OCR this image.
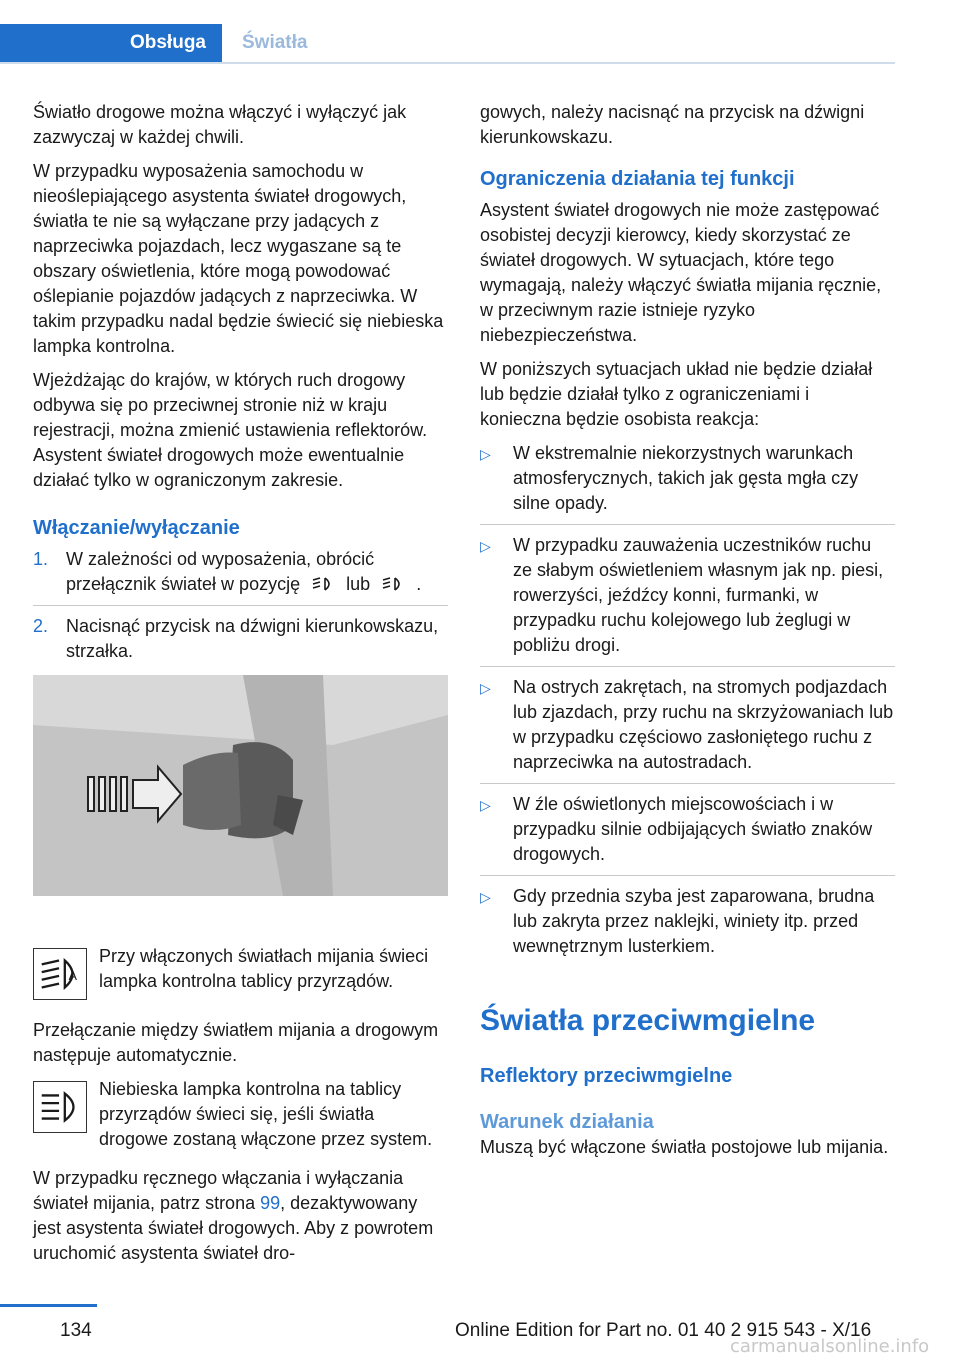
Obsługa	Światła

Światło drogowe można włączyć i wyłączyć jak zazwyczaj w każdej chwili.

W przypadku wyposażenia samochodu w nieoślepiającego asystenta świateł drogowych, światła te nie są wyłączane przy jadących z naprzeciwka pojazdach, lecz wygaszane są te obszary oświetlenia, które mogą powodować oślepianie pojazdów jadących z naprzeciwka. W takim przypadku nadal będzie świecić się niebieska lampka kontrolna.

Wjeżdżając do krajów, w których ruch drogowy odbywa się po przeciwnej stronie niż w kraju rejestracji, można zmienić ustawienia reflektorów. Asystent świateł drogowych może ewentualnie działać tylko w ograniczonym zakresie.

Włączanie/wyłączanie
1. W zależności od wyposażenia, obrócić przełącznik świateł w pozycję	lub	.
2. Nacisnąć przycisk na dźwigni kierunkowskazu, strzałka.
A
Przy włączonych światłach mijania świeci lampka kontrolna tablicy przyrządów.

Przełączanie między światłem mijania a drogowym następuje automatycznie.

Niebieska lampka kontrolna na tablicy przyrządów świeci się, jeśli światła drogowe zostaną włączone przez system.

W przypadku ręcznego włączania i wyłączania świateł mijania, patrz strona 99, dezaktywowany jest asystenta świateł drogowych. Aby z powrotem uruchomić asystenta świateł dro-

gowych, należy nacisnąć na przycisk na dźwigni kierunkowskazu.

Ograniczenia działania tej funkcji

Asystent świateł drogowych nie może zastępować osobistej decyzji kierowcy, kiedy skorzystać ze świateł drogowych. W sytuacjach, które tego wymagają, należy włączyć światła mijania ręcznie, w przeciwnym razie istnieje ryzyko niebezpieczeństwa.

W poniższych sytuacjach układ nie będzie działał lub będzie działał tylko z ograniczeniami i konieczna będzie osobista reakcja:

▷ W ekstremalnie niekorzystnych warunkach atmosferycznych, takich jak gęsta mgła czy silne opady.
▷ W przypadku zauważenia uczestników ruchu ze słabym oświetleniem własnym jak np. piesi, rowerzyści, jeźdźcy konni, furmanki, w przypadku ruchu kolejowego lub żeglugi w pobliżu drogi.
▷ Na ostrych zakrętach, na stromych podjazdach lub zjazdach, przy ruchu na skrzyżowaniach lub w przypadku częściowo zasłoniętego ruchu z naprzeciwka na autostradach.
▷ W źle oświetlonych miejscowościach i w przypadku silnie odbijających światło znaków drogowych.
▷ Gdy przednia szyba jest zaparowana, brudna lub zakryta przez naklejki, winiety itp. przed wewnętrznym lusterkiem.
Światła przeciwmgielne
Reflektory przeciwmgielne
Warunek działania

Muszą być włączone światła postojowe lub mijania.

134	Online Edition for Part no. 01 40 2 915 543 - X/16
carmanualsonline.info
